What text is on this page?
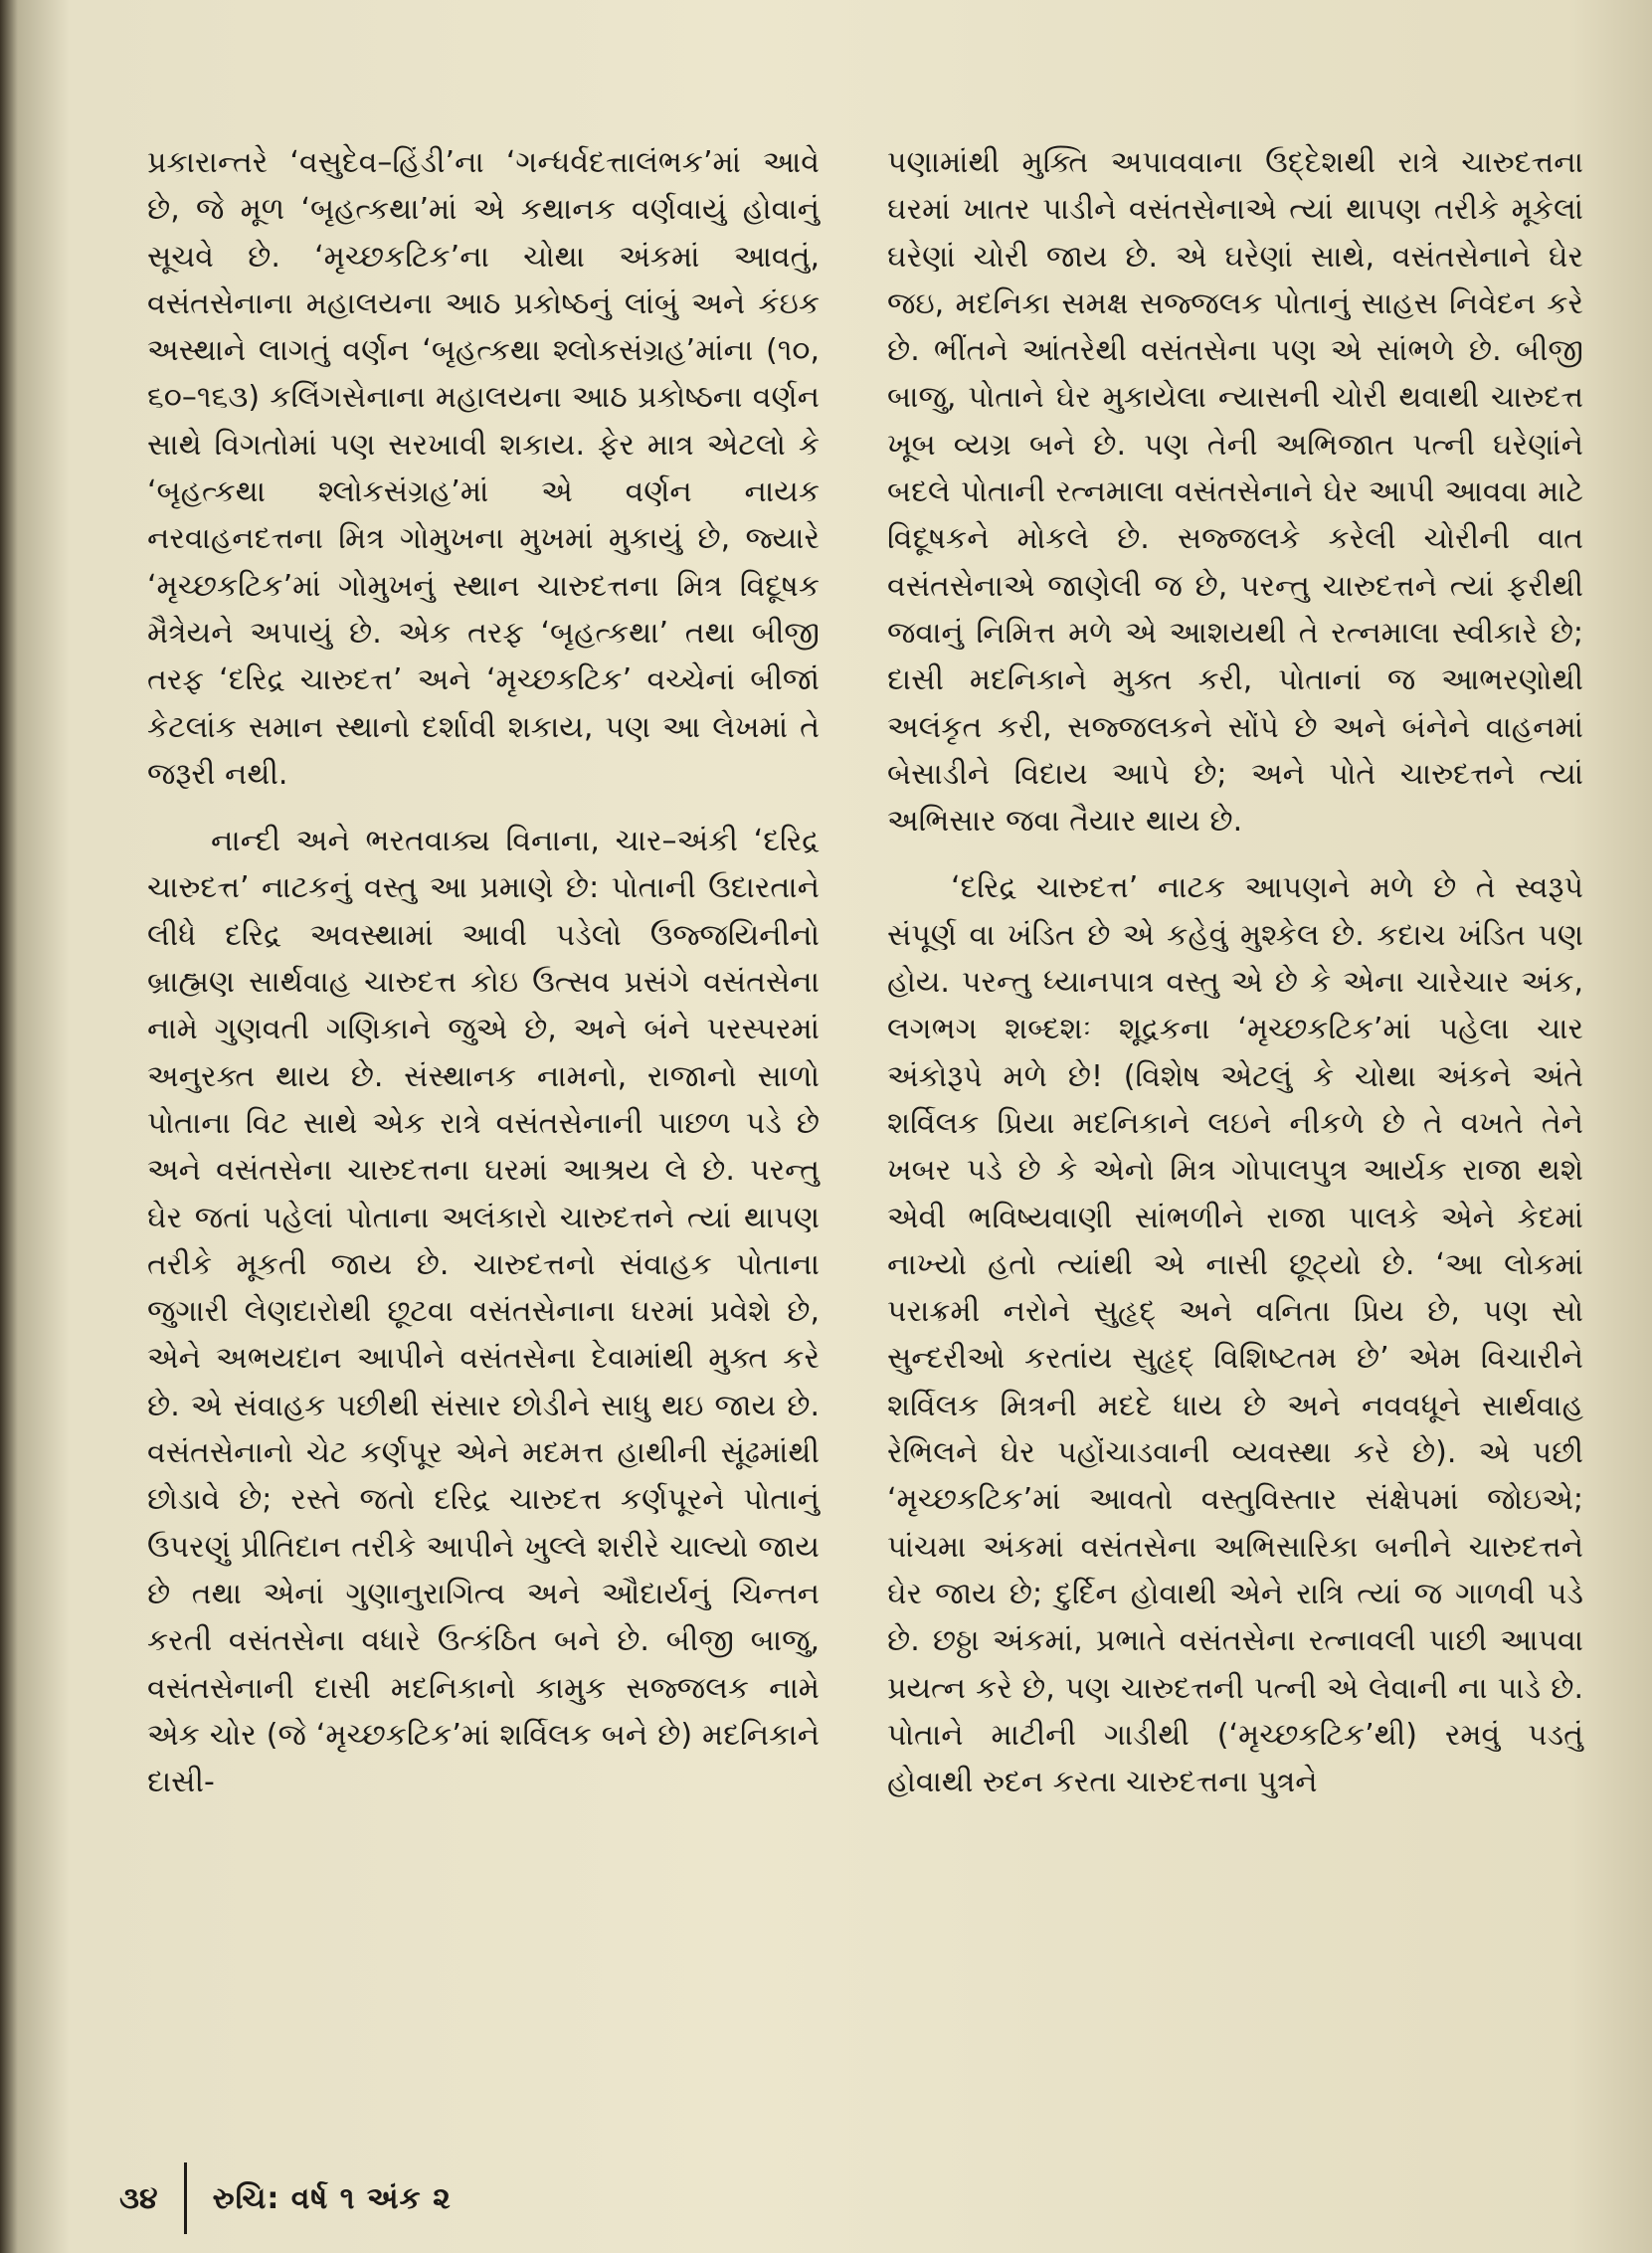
પ્રકારાન્તરે ‘વસુદેવ–હિંડી’ના ‘ગન્ધર્વદત્તાલંભક’માં આવે છે, જે મૂળ ‘બૃહત્કથા’માં એ કથાનક વર્ણવાયું હોવાનું સૂચવે છે. ‘મૃચ્છકટિક’ના ચોથા અંકમાં આવતું, વસંતસેનાના મહાલયના આઠ પ્રકોષ્ઠનું લાંબું અને કંઇક અસ્થાને લાગતું વર્ણન ‘બૃહત્કથા શ્લોકસંગ્રહ’માંના (૧૦, ૬૦–૧૬૩) કલિંગસેનાના મહાલયના આઠ પ્રકોષ્ઠના વર્ણન સાથે વિગતોમાં પણ સરખાવી શકાય. ફેર માત્ર એટલો કે ‘બૃહત્કથા શ્લોકસંગ્રહ’માં એ વર્ણન નાયક નરવાહનદત્તના મિત્ર ગોમુખના મુખમાં મુકાયું છે, જ્યારે ‘મૃચ્છકટિક’માં ગોમુખનું સ્થાન ચારુદત્તના મિત્ર વિદૂષક મૈત્રેયને અપાયું છે. એક તરફ ‘બૃહત્કથા’ તથા બીજી તરફ ‘દરિદ્ર ચારુદત્ત’ અને ‘મૃચ્છકટિક’ વચ્ચેનાં બીજાં કેટલાંક સમાન સ્થાનો દર્શાવી શકાય, પણ આ લેખમાં તે જરૂરી નથી.

નાન્દી અને ભરતવાક્ય વિનાના, ચાર–અંકી ‘દરિદ્ર ચારુદત્ત’ નાટકનું વસ્તુ આ પ્રમાણે છે: પોતાની ઉદારતાને લીધે દરિદ્ર અવસ્થામાં આવી પડેલો ઉજ્જયિનીનો બ્રાહ્મણ સાર્થવાહ ચારુદત્ત કોઇ ઉત્સવ પ્રસંગે વસંતસેના નામે ગુણવતી ગણિકાને જુએ છે, અને બંને પરસ્પરમાં અનુરક્ત થાય છે. સંસ્થાનક નામનો, રાજાનો સાળો પોતાના વિટ સાથે એક રાત્રે વસંતસેનાની પાછળ પડે છે અને વસંતસેના ચારુદત્તના ઘરમાં આશ્રય લે છે. પરન્તુ ઘેર જતાં પહેલાં પોતાના અલંકારો ચારુદત્તને ત્યાં થાપણ તરીકે મૂકતી જાય છે. ચારુદત્તનો સંવાહક પોતાના જુગારી લેણદારોથી છૂટવા વસંતસેનાના ઘરમાં પ્રવેશે છે, એને અભયદાન આપીને વસંતસેના દેવામાંથી મુક્ત કરે છે. એ સંવાહક પછીથી સંસાર છોડીને સાધુ થઇ જાય છે. વસંતસેનાનો ચેટ કર્ણપૂર એને મદમત્ત હાથીની સૂંઢમાંથી છોડાવે છે; રસ્તે જતો દરિદ્ર ચારુદત્ત કર્ણપૂરને પોતાનું ઉપરણું પ્રીતિદાન તરીકે આપીને ખુલ્લે શરીરે ચાલ્યો જાય છે તથા એનાં ગુણાનુરાગિત્વ અને ઔદાર્યનું ચિન્તન કરતી વસંતસેના વધારે ઉત્કંઠિત બને છે. બીજી બાજુ, વસંતસેનાની દાસી મદનિકાનો કામુક સજ્જલક નામે એક ચોર (જે ‘મૃચ્છકટિક’માં શર્વિલક બને છે) મદનિકાને દાસી-

પણામાંથી મુક્તિ અપાવવાના ઉદ્દેશથી રાત્રે ચારુદત્તના ઘરમાં ખાતર પાડીને વસંતસેનાએ ત્યાં થાપણ તરીકે મૂકેલાં ઘરેણાં ચોરી જાય છે. એ ઘરેણાં સાથે, વસંતસેનાને ઘેર જઇ, મદનિકા સમક્ષ સજ્જલક પોતાનું સાહસ નિવેદન કરે છે. ભીંતને આંતરેથી વસંતસેના પણ એ સાંભળે છે. બીજી બાજુ, પોતાને ઘેર મુકાયેલા ન્યાસની ચોરી થવાથી ચારુદત્ત ખૂબ વ્યગ્ર બને છે. પણ તેની અભિજાત પત્ની ઘરેણાંને બદલે પોતાની રત્નમાલા વસંતસેનાને ઘેર આપી આવવા માટે વિદૂષકને મોકલે છે. સજ્જલકે કરેલી ચોરીની વાત વસંતસેનાએ જાણેલી જ છે, પરન્તુ ચારુદત્તને ત્યાં ફરીથી જવાનું નિમિત્ત મળે એ આશયથી તે રત્નમાલા સ્વીકારે છે; દાસી મદનિકાને મુક્ત કરી, પોતાનાં જ આભરણોથી અલંકૃત કરી, સજ્જલકને સોંપે છે અને બંનેને વાહનમાં બેસાડીને વિદાય આપે છે; અને પોતે ચારુદત્તને ત્યાં અભિસાર જવા તૈયાર થાય છે.

‘દરિદ્ર ચારુદત્ત’ નાટક આપણને મળે છે તે સ્વરૂપે સંપૂર્ણ વા ખંડિત છે એ કહેવું મુશ્કેલ છે. કદાચ ખંડિત પણ હોય. પરન્તુ ધ્યાનપાત્ર વસ્તુ એ છે કે એના ચારેચાર અંક, લગભગ શબ્દશઃ શૂદ્રકના ‘મૃચ્છકટિક’માં પહેલા ચાર અંકોરૂપે મળે છે! (વિશેષ એટલું કે ચોથા અંકને અંતે શર્વિલક પ્રિયા મદનિકાને લઇને નીકળે છે તે વખતે તેને ખબર પડે છે કે એનો મિત્ર ગોપાલપુત્ર આર્યક રાજા થશે એવી ભવિષ્યવાણી સાંભળીને રાજા પાલકે એને કેદમાં નાખ્યો હતો ત્યાંથી એ નાસી છૂટ્યો છે. ‘આ લોકમાં પરાક્રમી નરોને સુહૃદ્ અને વનિતા પ્રિય છે, પણ સો સુન્દરીઓ કરતાંય સુહૃદ્ વિશિષ્ટતમ છે’ એમ વિચારીને શર્વિલક મિત્રની મદદે ધાય છે અને નવવધૂને સાર્થવાહ રેભિલને ઘેર પહોંચાડવાની વ્યવસ્થા કરે છે). એ પછી ‘મૃચ્છકટિક’માં આવતો વસ્તુવિસ્તાર સંક્ષેપમાં જોઇએ; પાંચમા અંકમાં વસંતસેના અભિસારિકા બનીને ચારુદત્તને ઘેર જાય છે; દુર્દિન હોવાથી એને રાત્રિ ત્યાં જ ગાળવી પડે છે. છઠ્ઠા અંકમાં, પ્રભાતે વસંતસેના રત્નાવલી પાછી આપવા પ્રયત્ન કરે છે, પણ ચારુદત્તની પત્ની એ લેવાની ના પાડે છે. પોતાને માટીની ગાડીથી (‘મૃચ્છકટિક’થી) રમવું પડતું હોવાથી રુદન કરતા ચારુદત્તના પુત્રને

૩૪ રુચિ: વર્ષ ૧ અંક ૨
